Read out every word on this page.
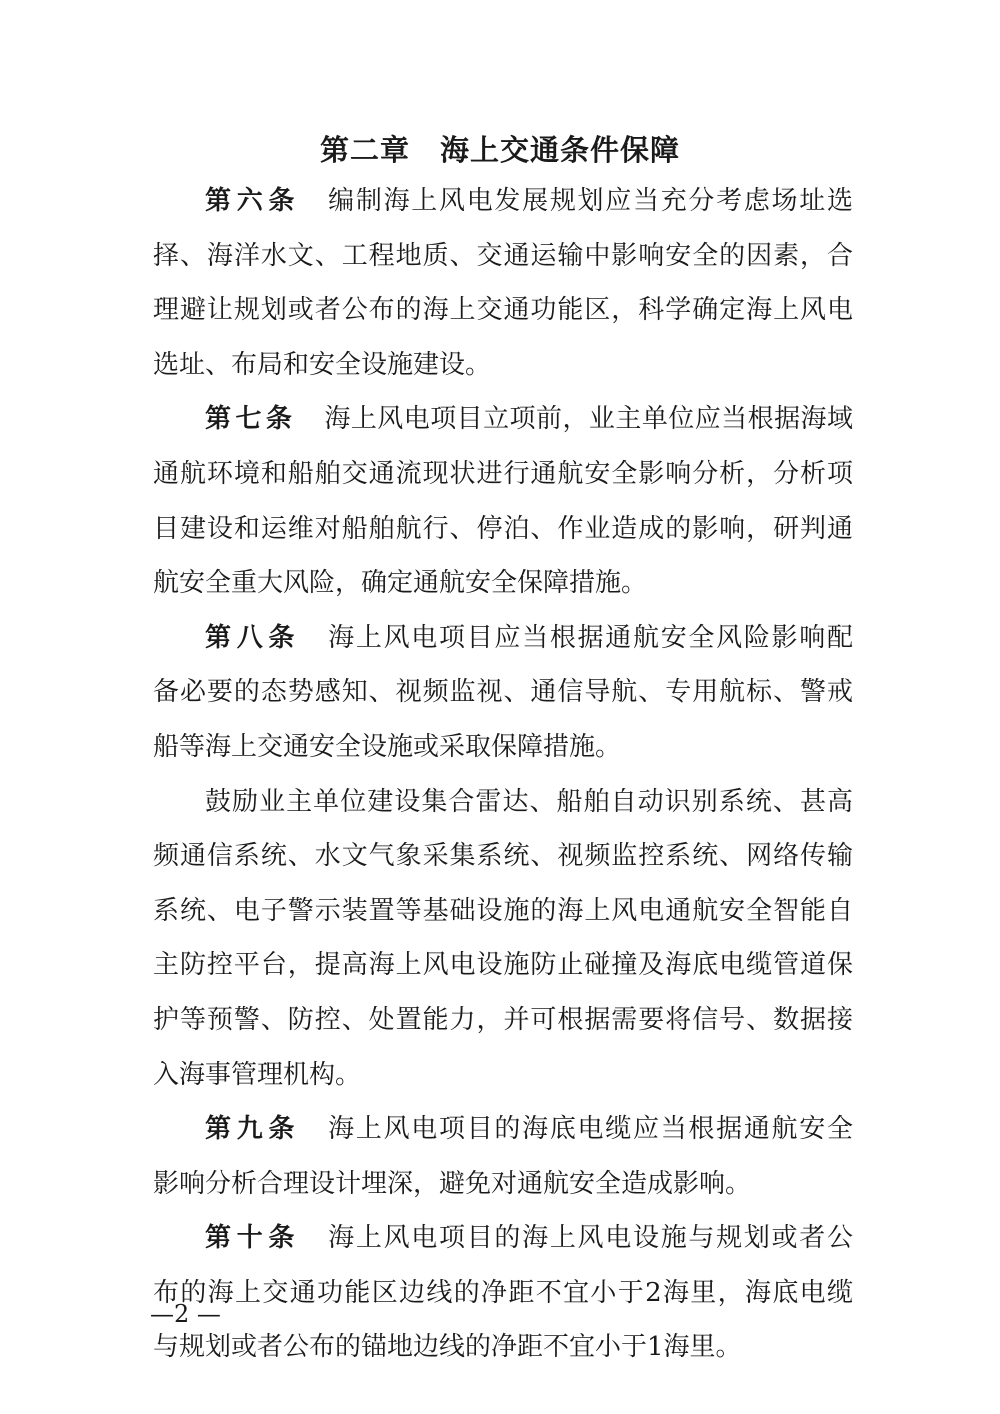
第二章 海上交通条件保障
第六条 编制海上风电发展规划应当充分考虑场址选
择、海洋水文、工程地质、交通运输中影响安全的因素，合
理避让规划或者公布的海上交通功能区，科学确定海上风电
选址、布局和安全设施建设。
第七条 海上风电项目立项前，业主单位应当根据海域
通航环境和船舶交通流现状进行通航安全影响分析，分析项
目建设和运维对船舶航行、停泊、作业造成的影响，研判通
航安全重大风险，确定通航安全保障措施。
第八条 海上风电项目应当根据通航安全风险影响配
备必要的态势感知、视频监视、通信导航、专用航标、警戒
船等海上交通安全设施或采取保障措施。
鼓励业主单位建设集合雷达、船舶自动识别系统、甚高
频通信系统、水文气象采集系统、视频监控系统、网络传输
系统、电子警示装置等基础设施的海上风电通航安全智能自
主防控平台，提高海上风电设施防止碰撞及海底电缆管道保
护等预警、防控、处置能力，并可根据需要将信号、数据接
入海事管理机构。
第九条 海上风电项目的海底电缆应当根据通航安全
影响分析合理设计埋深，避免对通航安全造成影响。
第十条 海上风电项目的海上风电设施与规划或者公
布的海上交通功能区边线的净距不宜小于2海里，海底电缆
与规划或者公布的锚地边线的净距不宜小于1海里。
—2 —
